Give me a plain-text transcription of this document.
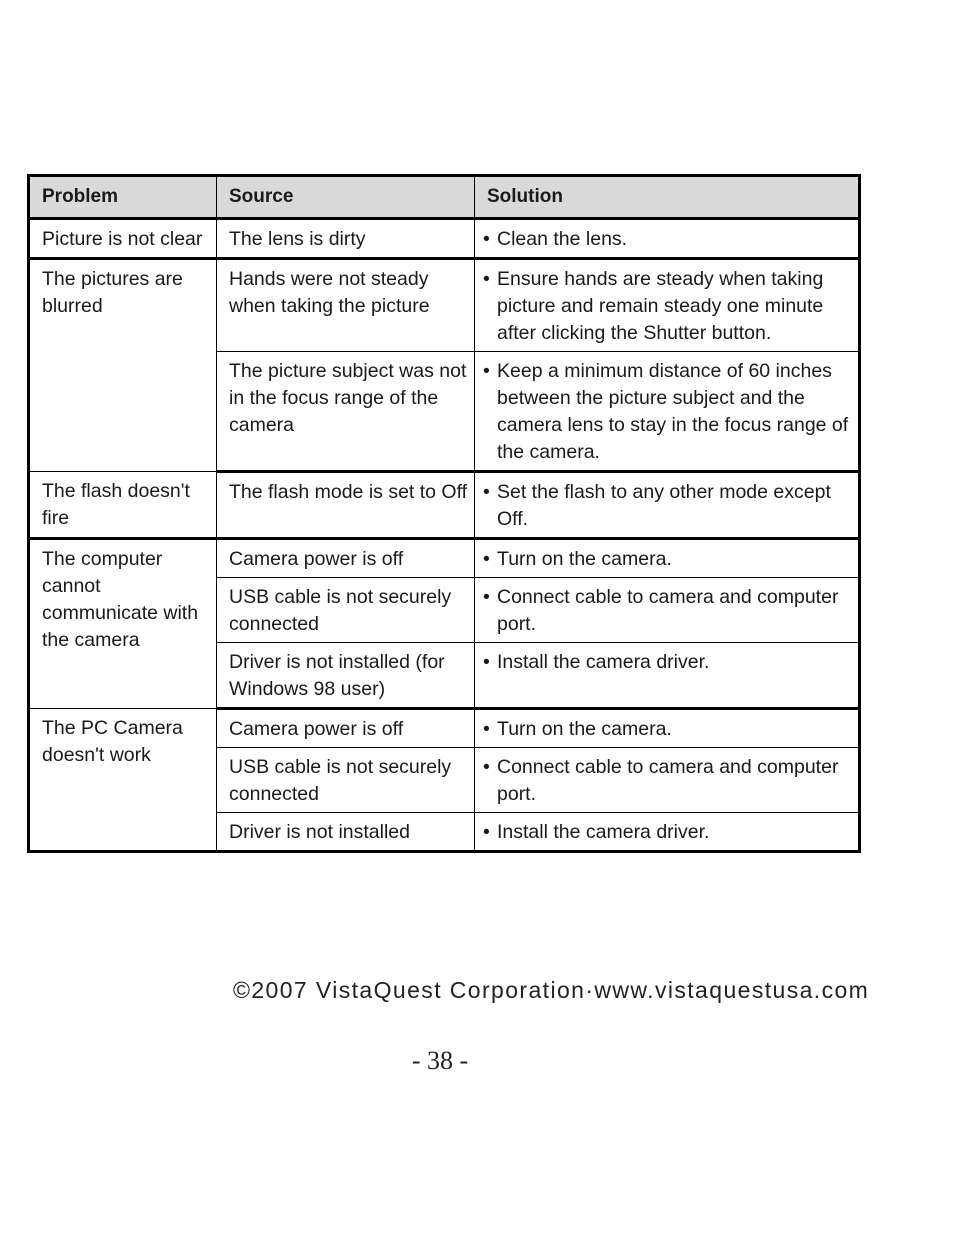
Problem	Source	Solution
Picture is not clear	The lens is dirty	• Clean the lens.

The pictures are blurred	Hands were not steady when taking the picture	• Ensure hands are steady when taking picture and remain steady one minute after clicking the Shutter button.

	The picture subject was not in the focus range of the camera	• Keep a minimum distance of 60 inches between the picture subject and the camera lens to stay in the focus range of the camera.

The flash doesn't fire	The flash mode is set to Off	• Set the flash to any other mode except Off.

The computer cannot communicate with the camera	Camera power is off	• Turn on the camera.

	USB cable is not securely connected	• Connect cable to camera and computer port.

	Driver is not installed (for Windows 98 user)	• Install the camera driver.

The PC Camera doesn't work	Camera power is off	• Turn on the camera.

	USB cable is not securely connected	• Connect cable to camera and computer port.

	Driver is not installed	• Install the camera driver.
©2007 VistaQuest Corporation·www.vistaquestusa.com
- 38 -
